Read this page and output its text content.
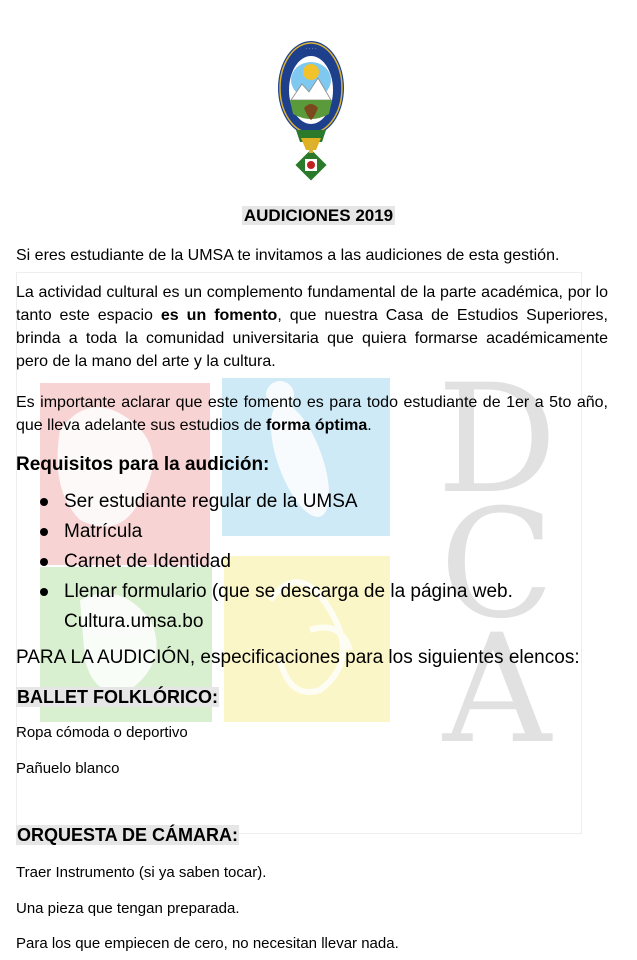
D
C
A
· · · ·
AUDICIONES 2019

Si eres estudiante de la UMSA te invitamos a las audiciones de esta gestión.

La actividad cultural es un complemento fundamental de la parte académica, por lo tanto este espacio es un fomento, que nuestra Casa de Estudios Superiores, brinda a toda la comunidad universitaria que quiera formarse académicamente pero de la mano del arte y la cultura.

Es importante aclarar que este fomento es para todo estudiante de 1er a 5to año, que lleva adelante sus estudios de forma óptima.

Requisitos para la audición:
Ser estudiante regular de la UMSA
Matrícula
Carnet de Identidad
Llenar formulario (que se descarga de la página web. Cultura.umsa.bo

PARA LA AUDICIÓN, especificaciones para los siguientes elencos:

BALLET FOLKLÓRICO:

Ropa cómoda o deportivo

Pañuelo blanco

ORQUESTA DE CÁMARA:

Traer Instrumento (si ya saben tocar).

Una pieza que tengan preparada.

Para los que empiecen de cero, no necesitan llevar nada.
